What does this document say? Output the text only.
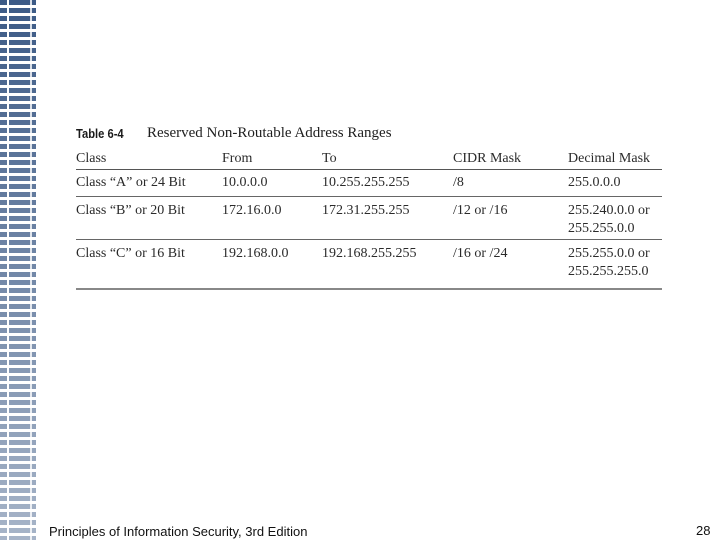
Table 6-4	Reserved Non-Routable Address Ranges
Class	From	To	CIDR Mask	Decimal Mask
Class “A” or 24 Bit	10.0.0.0	10.255.255.255	/8	255.0.0.0
Class “B” or 20 Bit	172.16.0.0	172.31.255.255	/12 or /16	255.240.0.0 or
255.255.0.0
Class “C” or 16 Bit	192.168.0.0	192.168.255.255	/16 or /24	255.255.0.0 or
255.255.255.0
Principles of Information Security, 3rd Edition	28
